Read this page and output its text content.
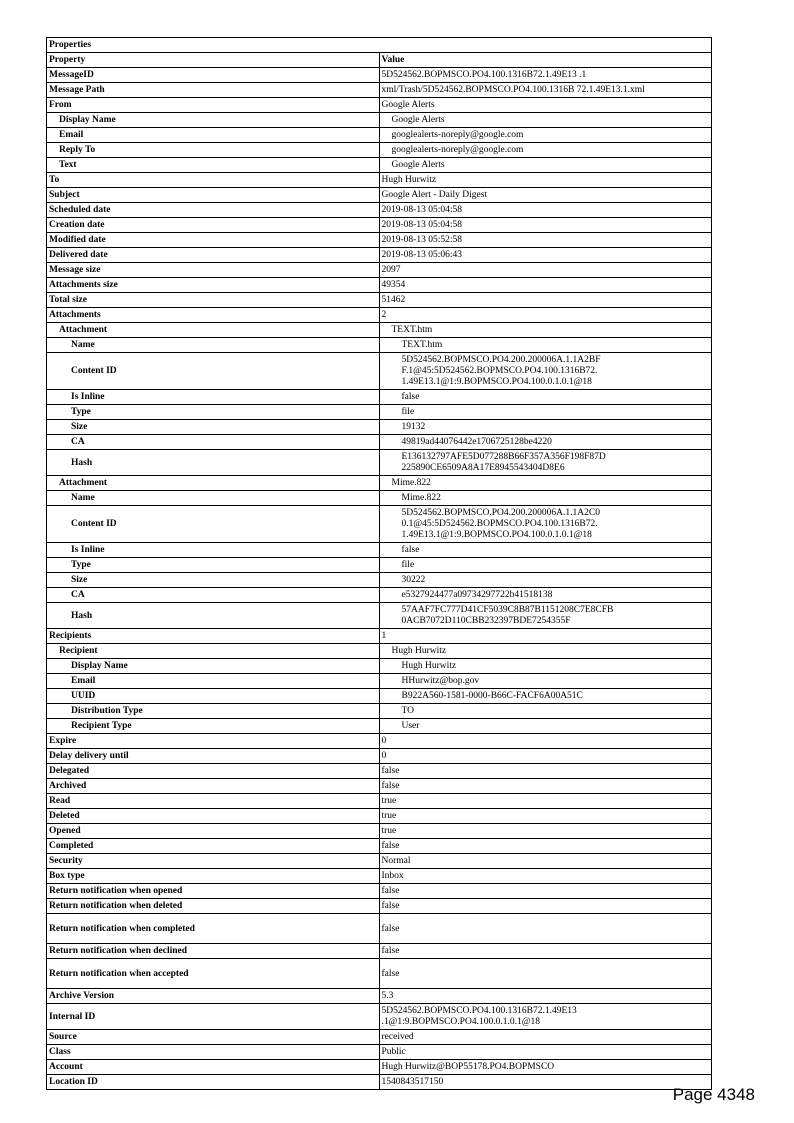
Properties	
Property	Value
MessageID	5D524562.BOPMSCO.PO4.100.1316B72.1.49E13 .1
Message Path	xml/Trash/5D524562.BOPMSCO.PO4.100.1316B 72.1.49E13.1.xml
From	Google Alerts
Display Name	Google Alerts
Email	googlealerts-noreply@google.com
Reply To	googlealerts-noreply@google.com
Text	Google Alerts
To	Hugh Hurwitz
Subject	Google Alert - Daily Digest
Scheduled date	2019-08-13 05:04:58
Creation date	2019-08-13 05:04:58
Modified date	2019-08-13 05:52:58
Delivered date	2019-08-13 05:06:43
Message size	2097
Attachments size	49354
Total size	51462
Attachments	2
Attachment	TEXT.htm
Name	TEXT.htm
Content ID	5D524562.BOPMSCO.PO4.200.200006A.1.1A2BF F.1@45:5D524562.BOPMSCO.PO4.100.1316B72. 1.49E13.1@1:9.BOPMSCO.PO4.100.0.1.0.1@18
Is Inline	false
Type	file
Size	19132
CA	49819ad44076442e1706725128be4220
Hash	E136132797AFE5D077288B66F357A356F198F87D 225890CE6509A8A17E8945543404D8E6
Attachment	Mime.822
Name	Mime.822
Content ID	5D524562.BOPMSCO.PO4.200.200006A.1.1A2C0 0.1@45:5D524562.BOPMSCO.PO4.100.1316B72. 1.49E13.1@1:9.BOPMSCO.PO4.100.0.1.0.1@18
Is Inline	false
Type	file
Size	30222
CA	e5327924477a09734297722b41518138
Hash	57AAF7FC777D41CF5039C8B87B1151208C7E8CFB 0ACB7072D110CBB232397BDE7254355F
Recipients	1
Recipient	Hugh Hurwitz
Display Name	Hugh Hurwitz
Email	HHurwitz@bop.gov
UUID	B922A560-1581-0000-B66C-FACF6A00A51C
Distribution Type	TO
Recipient Type	User
Expire	0
Delay delivery until	0
Delegated	false
Archived	false
Read	true
Deleted	true
Opened	true
Completed	false
Security	Normal
Box type	Inbox
Return notification when opened	false
Return notification when deleted	false
Return notification when completed	false
Return notification when declined	false
Return notification when accepted	false
Archive Version	5.3
Internal ID	5D524562.BOPMSCO.PO4.100.1316B72.1.49E13 .1@1:9.BOPMSCO.PO4.100.0.1.0.1@18
Source	received
Class	Public
Account	Hugh Hurwitz@BOP55178.PO4.BOPMSCO
Location ID	1540843517150
Page 4348
